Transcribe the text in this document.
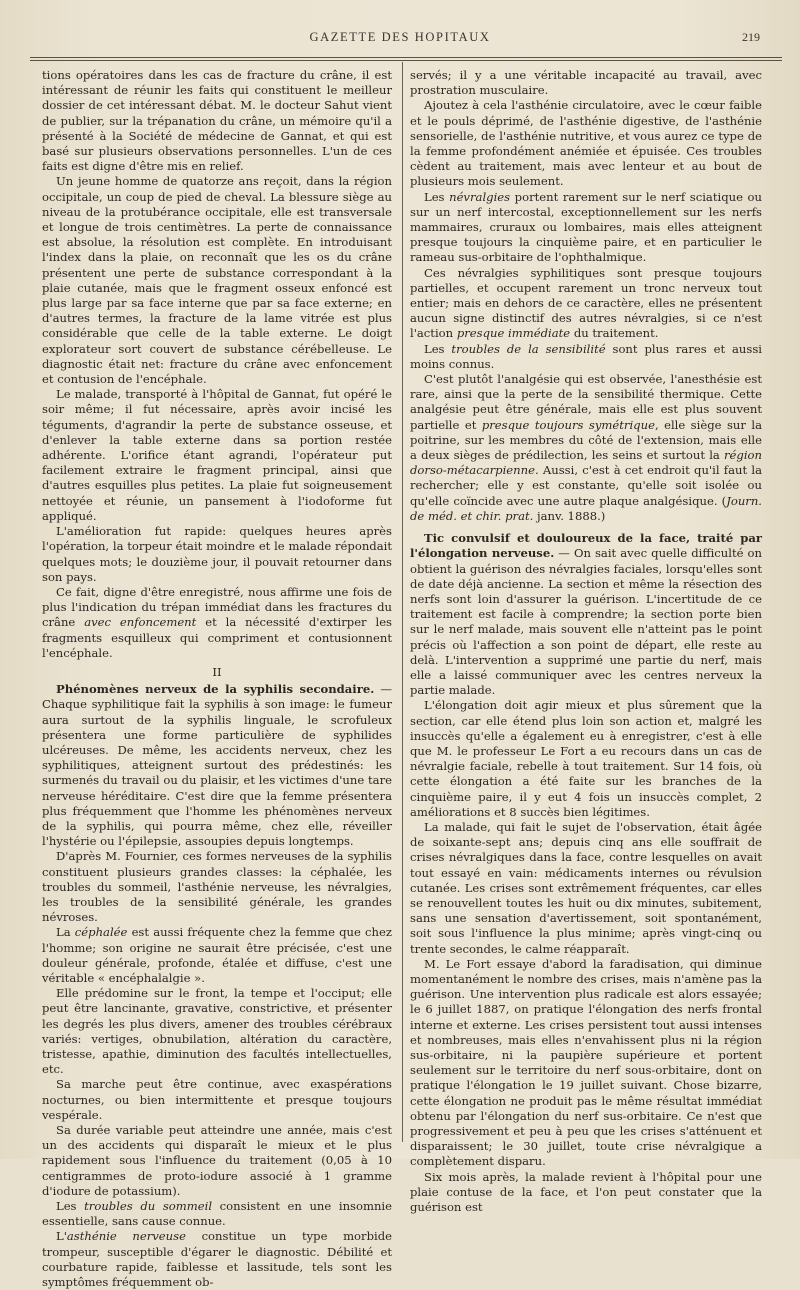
GAZETTE DES HOPITAUX	219

tions opératoires dans les cas de fracture du crâne, il est intéressant de réunir les faits qui constituent le meilleur dossier de cet intéressant débat. M. le docteur Sahut vient de publier, sur la trépanation du crâne, un mémoire qu'il a présenté à la Société de médecine de Gannat, et qui est basé sur plusieurs observations personnelles. L'un de ces faits est digne d'être mis en relief.

Un jeune homme de quatorze ans reçoit, dans la région occipitale, un coup de pied de cheval. La blessure siège au niveau de la protubérance occipitale, elle est transversale et longue de trois centimètres. La perte de connaissance est absolue, la résolution est complète. En introduisant l'index dans la plaie, on reconnaît que les os du crâne présentent une perte de substance correspondant à la plaie cutanée, mais que le fragment osseux enfoncé est plus large par sa face interne que par sa face externe; en d'autres termes, la fracture de la lame vitrée est plus considérable que celle de la table externe. Le doigt explorateur sort couvert de substance cérébelleuse. Le diagnostic était net: fracture du crâne avec enfoncement et contusion de l'encéphale.

Le malade, transporté à l'hôpital de Gannat, fut opéré le soir même; il fut nécessaire, après avoir incisé les téguments, d'agrandir la perte de substance osseuse, et d'enlever la table externe dans sa portion restée adhérente. L'orifice étant agrandi, l'opérateur put facilement extraire le fragment principal, ainsi que d'autres esquilles plus petites. La plaie fut soigneusement nettoyée et réunie, un pansement à l'iodoforme fut appliqué.

L'amélioration fut rapide: quelques heures après l'opération, la torpeur était moindre et le malade répondait quelques mots; le douzième jour, il pouvait retourner dans son pays.

Ce fait, digne d'être enregistré, nous affirme une fois de plus l'indication du trépan immédiat dans les fractures du crâne avec enfoncement et la nécessité d'extirper les fragments esquilleux qui compriment et contusionnent l'encéphale.

II

Phénomènes nerveux de la syphilis secondaire. — Chaque syphilitique fait la syphilis à son image: le fumeur aura surtout de la syphilis linguale, le scrofuleux présentera une forme particulière de syphilides ulcéreuses. De même, les accidents nerveux, chez les syphilitiques, atteignent surtout des prédestinés: les surmenés du travail ou du plaisir, et les victimes d'une tare nerveuse héréditaire. C'est dire que la femme présentera plus fréquemment que l'homme les phénomènes nerveux de la syphilis, qui pourra même, chez elle, réveiller l'hystérie ou l'épilepsie, assoupies depuis longtemps.

D'après M. Fournier, ces formes nerveuses de la syphilis constituent plusieurs grandes classes: la céphalée, les troubles du sommeil, l'asthénie nerveuse, les névralgies, les troubles de la sensibilité générale, les grandes névroses.

La céphalée est aussi fréquente chez la femme que chez l'homme; son origine ne saurait être précisée, c'est une douleur générale, profonde, étalée et diffuse, c'est une véritable « encéphalalgie ».

Elle prédomine sur le front, la tempe et l'occiput; elle peut être lancinante, gravative, constrictive, et présenter les degrés les plus divers, amener des troubles cérébraux variés: vertiges, obnubilation, altération du caractère, tristesse, apathie, diminution des facultés intellectuelles, etc.

Sa marche peut être continue, avec exaspérations nocturnes, ou bien intermittente et presque toujours vespérale.

Sa durée variable peut atteindre une année, mais c'est un des accidents qui disparaît le mieux et le plus rapidement sous l'influence du traitement (0,05 à 10 centigrammes de proto-iodure associé à 1 gramme d'iodure de potassium).

Les troubles du sommeil consistent en une insomnie essentielle, sans cause connue.

L'asthénie nerveuse constitue un type morbide trompeur, susceptible d'égarer le diagnostic. Débilité et courbature rapide, faiblesse et lassitude, tels sont les symptômes fréquemment ob-

servés; il y a une véritable incapacité au travail, avec prostration musculaire.

Ajoutez à cela l'asthénie circulatoire, avec le cœur faible et le pouls déprimé, de l'asthénie digestive, de l'asthénie sensorielle, de l'asthénie nutritive, et vous aurez ce type de la femme profondément anémiée et épuisée. Ces troubles cèdent au traitement, mais avec lenteur et au bout de plusieurs mois seulement.

Les névralgies portent rarement sur le nerf sciatique ou sur un nerf intercostal, exceptionnellement sur les nerfs mammaires, cruraux ou lombaires, mais elles atteignent presque toujours la cinquième paire, et en particulier le rameau sus-orbitaire de l'ophthalmique.

Ces névralgies syphilitiques sont presque toujours partielles, et occupent rarement un tronc nerveux tout entier; mais en dehors de ce caractère, elles ne présentent aucun signe distinctif des autres névralgies, si ce n'est l'action presque immédiate du traitement.

Les troubles de la sensibilité sont plus rares et aussi moins connus.

C'est plutôt l'analgésie qui est observée, l'anesthésie est rare, ainsi que la perte de la sensibilité thermique. Cette analgésie peut être générale, mais elle est plus souvent partielle et presque toujours symétrique, elle siège sur la poitrine, sur les membres du côté de l'extension, mais elle a deux sièges de prédilection, les seins et surtout la région dorso-métacarpienne. Aussi, c'est à cet endroit qu'il faut la rechercher; elle y est constante, qu'elle soit isolée ou qu'elle coïncide avec une autre plaque analgésique. (Journ. de méd. et chir. prat. janv. 1888.)

Tic convulsif et douloureux de la face, traité par l'élongation nerveuse. — On sait avec quelle difficulté on obtient la guérison des névralgies faciales, lorsqu'elles sont de date déjà ancienne. La section et même la résection des nerfs sont loin d'assurer la guérison. L'incertitude de ce traitement est facile à comprendre; la section porte bien sur le nerf malade, mais souvent elle n'atteint pas le point précis où l'affection a son point de départ, elle reste au delà. L'intervention a supprimé une partie du nerf, mais elle a laissé communiquer avec les centres nerveux la partie malade.

L'élongation doit agir mieux et plus sûrement que la section, car elle étend plus loin son action et, malgré les insuccès qu'elle a également eu à enregistrer, c'est à elle que M. le professeur Le Fort a eu recours dans un cas de névralgie faciale, rebelle à tout traitement. Sur 14 fois, où cette élongation a été faite sur les branches de la cinquième paire, il y eut 4 fois un insuccès complet, 2 améliorations et 8 succès bien légitimes.

La malade, qui fait le sujet de l'observation, était âgée de soixante-sept ans; depuis cinq ans elle souffrait de crises névralgiques dans la face, contre lesquelles on avait tout essayé en vain: médicaments internes ou révulsion cutanée. Les crises sont extrêmement fréquentes, car elles se renouvellent toutes les huit ou dix minutes, subitement, sans une sensation d'avertissement, soit spontanément, soit sous l'influence la plus minime; après vingt-cinq ou trente secondes, le calme réapparaît.

M. Le Fort essaye d'abord la faradisation, qui diminue momentanément le nombre des crises, mais n'amène pas la guérison. Une intervention plus radicale est alors essayée; le 6 juillet 1887, on pratique l'élongation des nerfs frontal interne et externe. Les crises persistent tout aussi intenses et nombreuses, mais elles n'envahissent plus ni la région sus-orbitaire, ni la paupière supérieure et portent seulement sur le territoire du nerf sous-orbitaire, dont on pratique l'élongation le 19 juillet suivant. Chose bizarre, cette élongation ne produit pas le même résultat immédiat obtenu par l'élongation du nerf sus-orbitaire. Ce n'est que progressivement et peu à peu que les crises s'atténuent et disparaissent; le 30 juillet, toute crise névralgique a complètement disparu.

Six mois après, la malade revient à l'hôpital pour une plaie contuse de la face, et l'on peut constater que la guérison est
